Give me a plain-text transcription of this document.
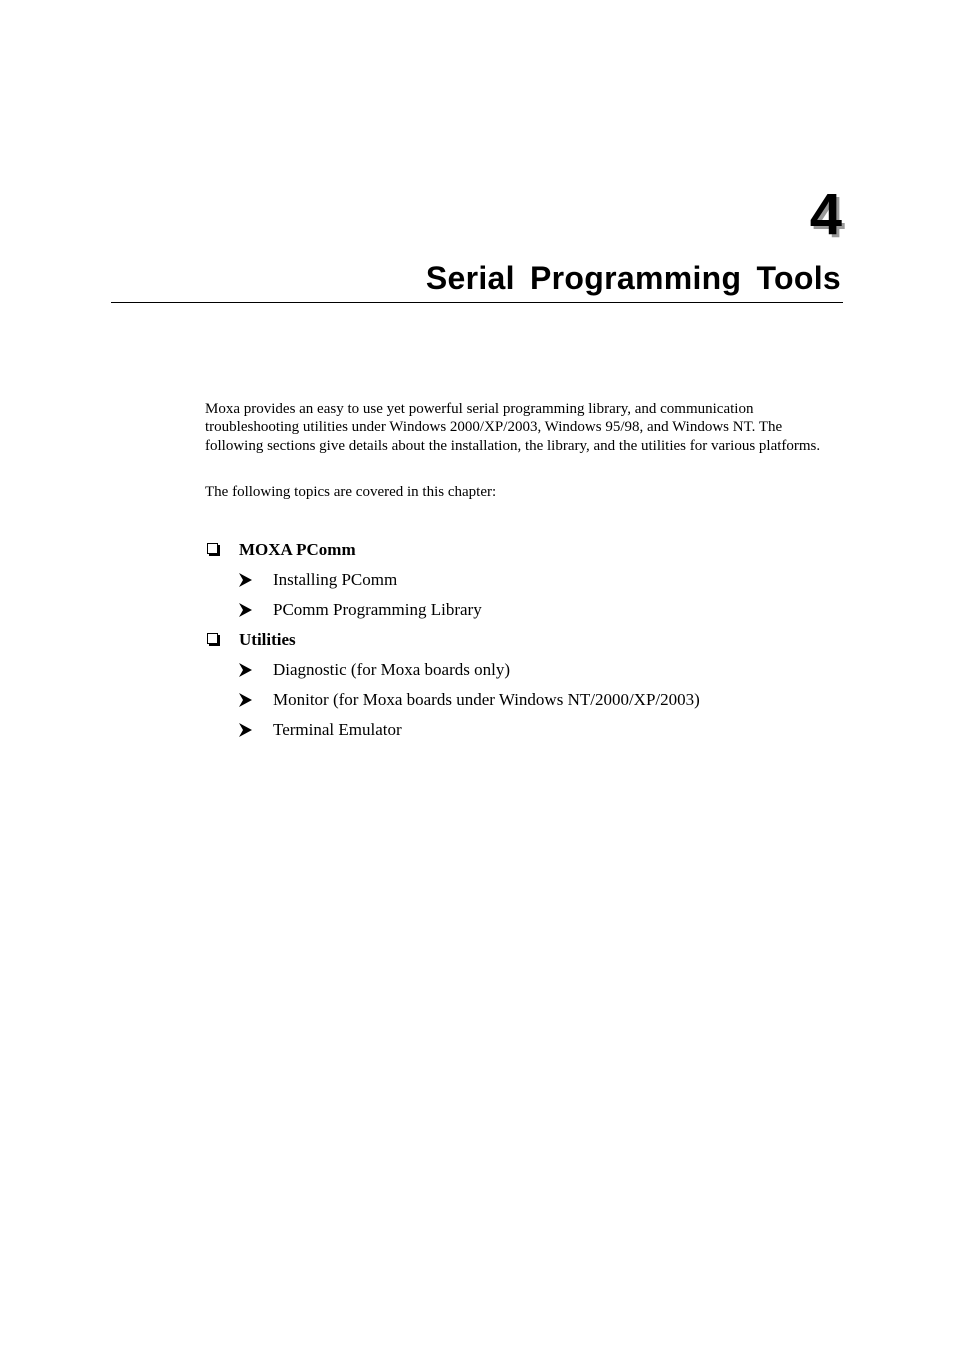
4
Serial Programming Tools

Moxa provides an easy to use yet powerful serial programming library, and communication troubleshooting utilities under Windows 2000/XP/2003, Windows 95/98, and Windows NT. The following sections give details about the installation, the library, and the utilities for various platforms.

The following topics are covered in this chapter:

MOXA PComm
Installing PComm
PComm Programming Library
Utilities
Diagnostic (for Moxa boards only)
Monitor (for Moxa boards under Windows NT/2000/XP/2003)
Terminal Emulator
